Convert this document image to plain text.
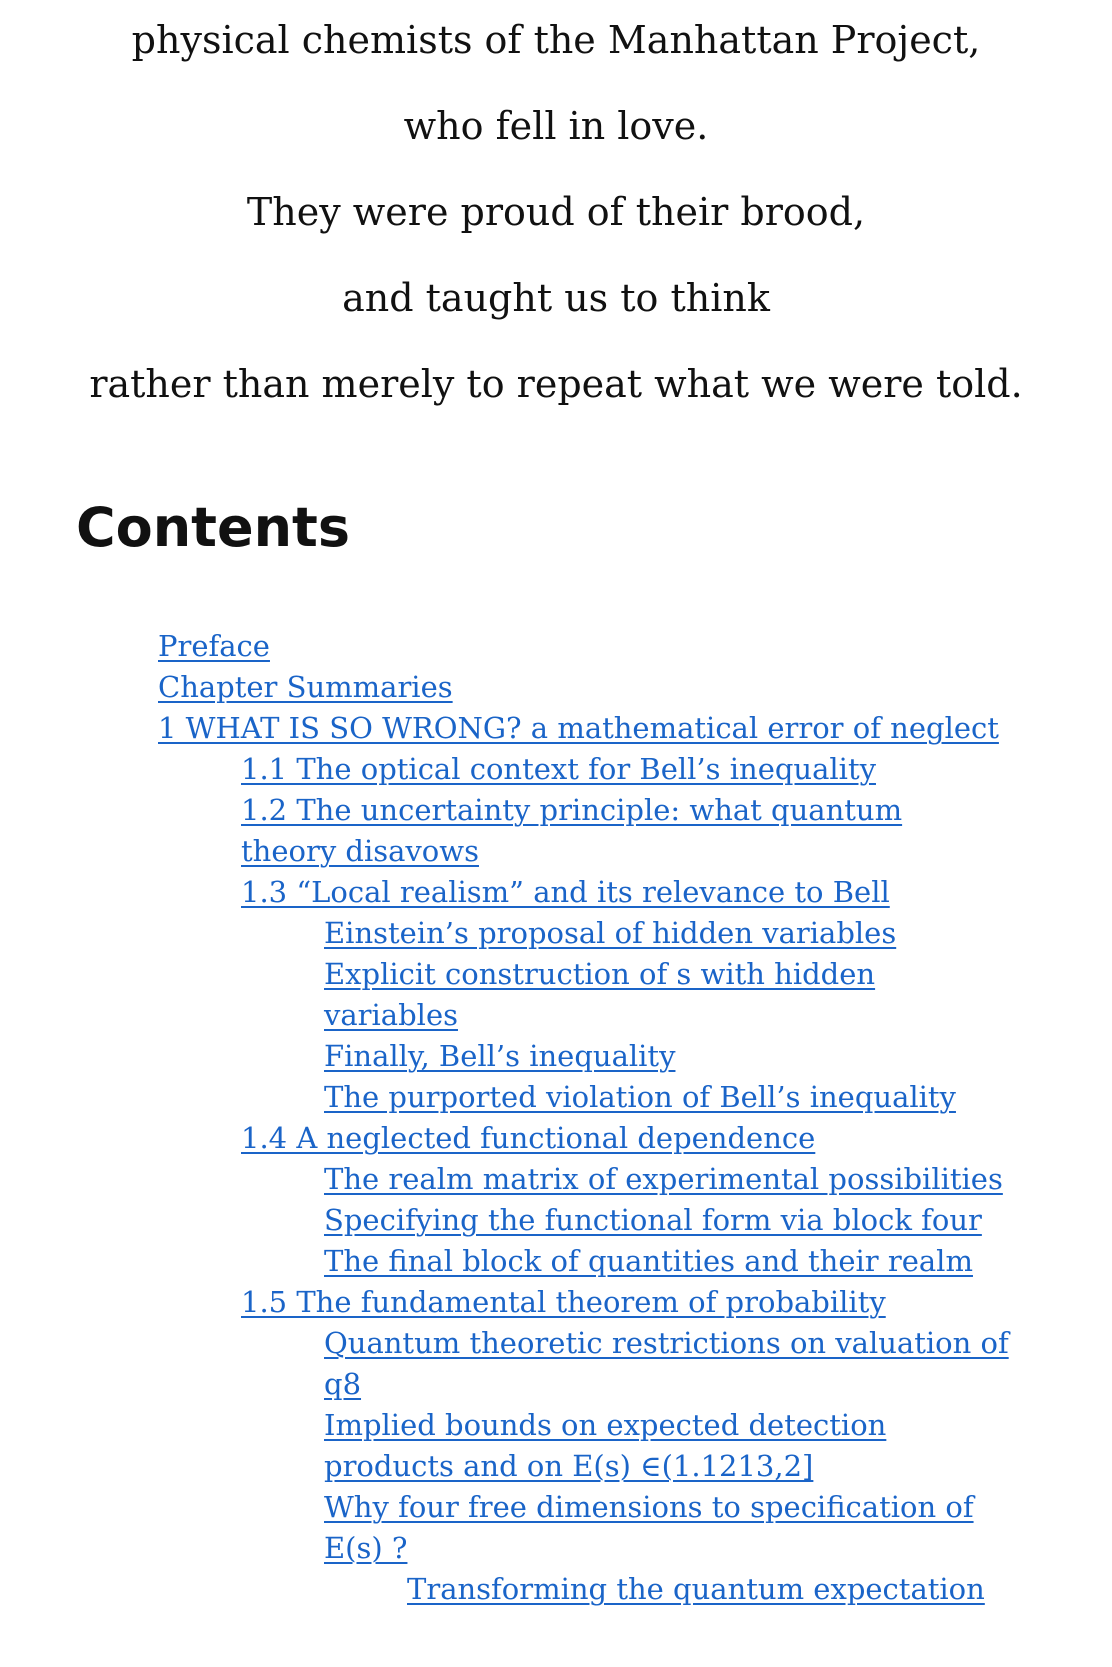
physical chemists of the Manhattan Project,
who fell in love.
They were proud of their brood,
and taught us to think
rather than merely to repeat what we were told.
Contents
Preface
Chapter Summaries
1 WHAT IS SO WRONG? a mathematical error of neglect
1.1 The optical context for Bell’s inequality
1.2 The uncertainty principle: what quantum
theory disavows
1.3 “Local realism” and its relevance to Bell
Einstein’s proposal of hidden variables
Explicit construction of s with hidden
variables
Finally, Bell’s inequality
The purported violation of Bell’s inequality
1.4 A neglected functional dependence
The realm matrix of experimental possibilities
Specifying the functional form via block four
The final block of quantities and their realm
1.5 The fundamental theorem of probability
Quantum theoretic restrictions on valuation of
q8
Implied bounds on expected detection
products and on E(s) ∈(1.1213,2]
Why four free dimensions to specification of
E(s) ?
Transforming the quantum expectation
